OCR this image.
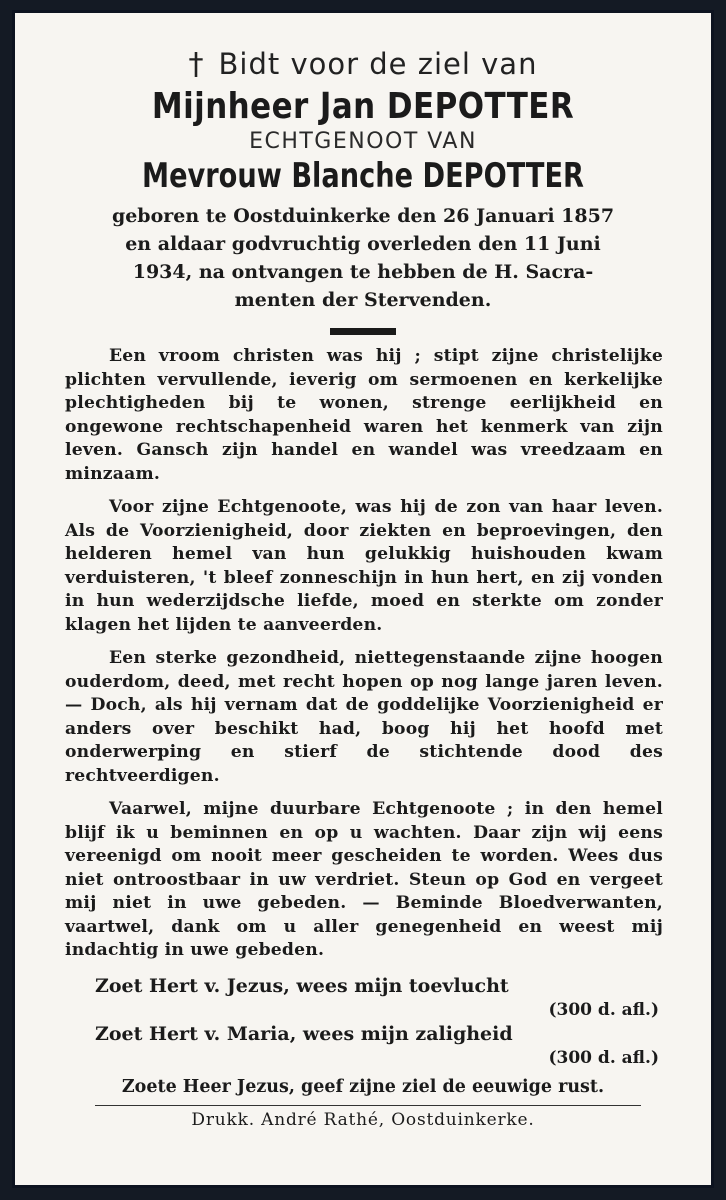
† Bidt voor de ziel van
Mijnheer Jan DEPOTTER
ECHTGENOOT VAN
Mevrouw Blanche DEPOTTER
geboren te Oostduinkerke den 26 Januari 1857
en aldaar godvruchtig overleden den 11 Juni
1934, na ontvangen te hebben de H. Sacra-
menten der Stervenden.

Een vroom christen was hij ; stipt zijne christelijke plichten vervullende, ieverig om sermoenen en kerkelijke plechtigheden bij te wonen, strenge eerlijkheid en ongewone rechtschapenheid waren het kenmerk van zijn leven. Gansch zijn handel en wandel was vreedzaam en minzaam.

Voor zijne Echtgenoote, was hij de zon van haar leven. Als de Voorzienigheid, door ziekten en beproevingen, den helderen hemel van hun gelukkig huishouden kwam verduisteren, 't bleef zonneschijn in hun hert, en zij vonden in hun wederzijdsche liefde, moed en sterkte om zonder klagen het lijden te aanveerden.

Een sterke gezondheid, niettegenstaande zijne hoogen ouderdom, deed, met recht hopen op nog lange jaren leven. — Doch, als hij vernam dat de goddelijke Voorzienigheid er anders over beschikt had, boog hij het hoofd met onderwerping en stierf de stichtende dood des rechtveerdigen.

Vaarwel, mijne duurbare Echtgenoote ; in den hemel blijf ik u beminnen en op u wachten. Daar zijn wij eens vereenigd om nooit meer gescheiden te worden. Wees dus niet ontroostbaar in uw verdriet. Steun op God en vergeet mij niet in uwe gebeden. — Beminde Bloedverwanten, vaartwel, dank om u aller genegenheid en weest mij indachtig in uwe gebeden.

Zoet Hert v. Jezus, wees mijn toevlucht
(300 d. afl.)
Zoet Hert v. Maria, wees mijn zaligheid
(300 d. afl.)
Zoete Heer Jezus, geef zijne ziel de eeuwige rust.
Drukk. André Rathé, Oostduinkerke.
